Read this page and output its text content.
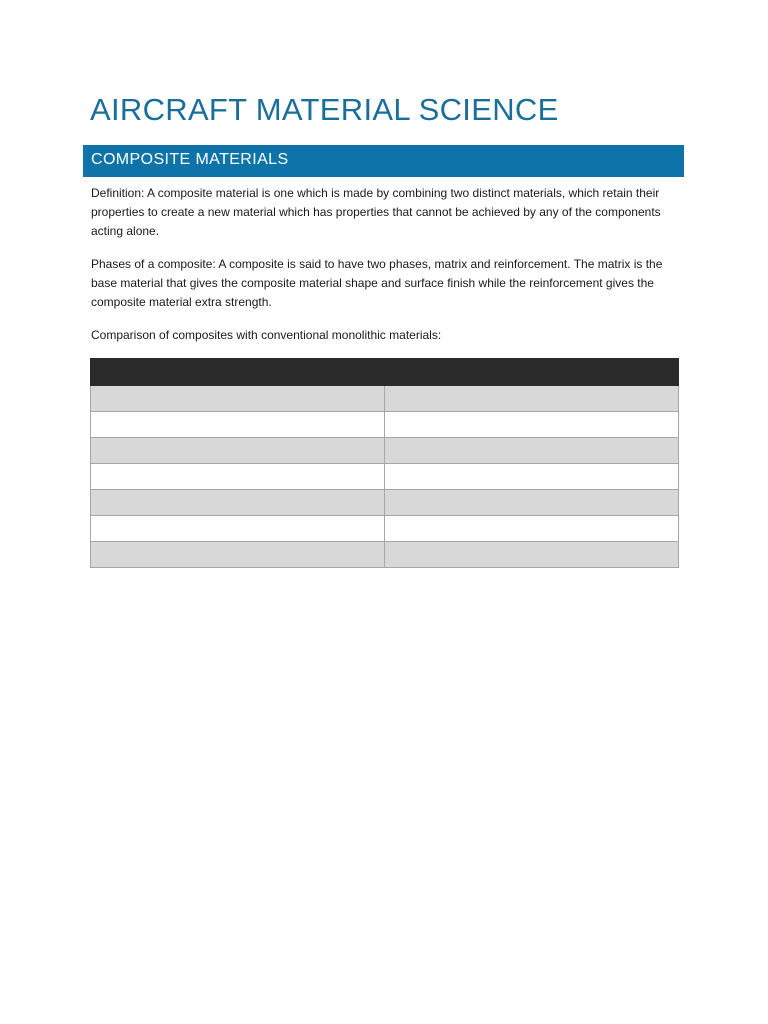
AIRCRAFT MATERIAL SCIENCE
COMPOSITE MATERIALS

Definition: A composite material is one which is made by combining two distinct materials, which retain their properties to create a new material which has properties that cannot be achieved by any of the components acting alone.

Phases of a composite: A composite is said to have two phases, matrix and reinforcement. The matrix is the base material that gives the composite material shape and surface finish while the reinforcement gives the composite material extra strength.

Comparison of composites with conventional monolithic materials:
